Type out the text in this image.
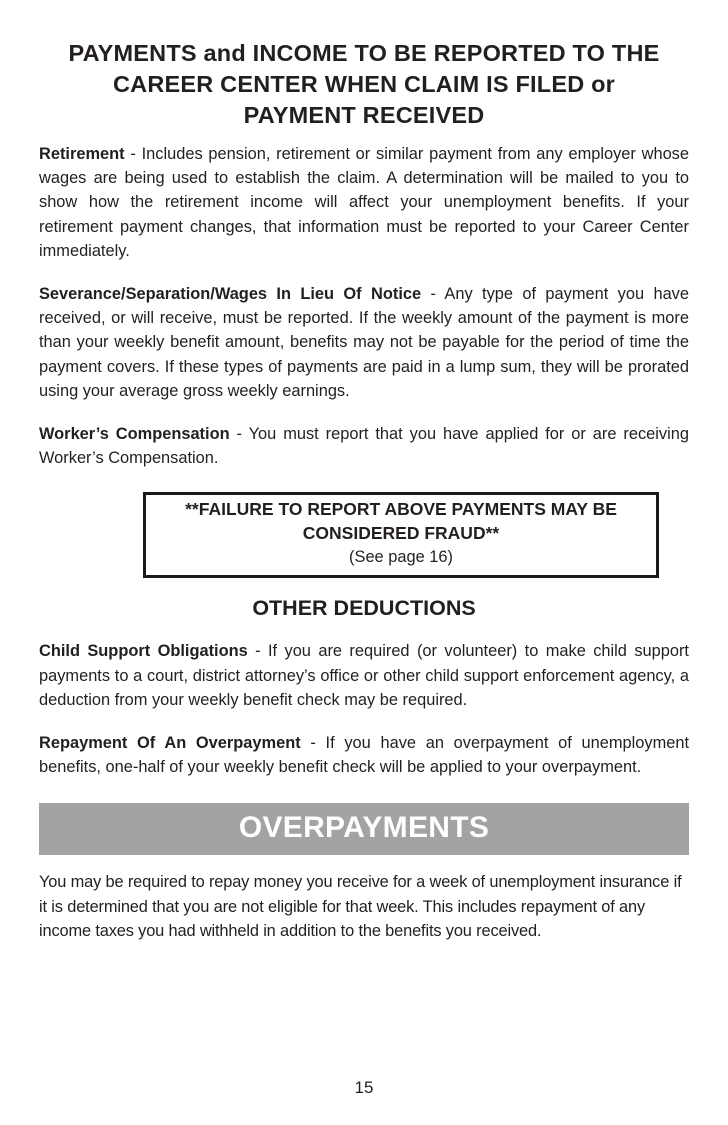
PAYMENTS and INCOME TO BE REPORTED TO THE
CAREER CENTER WHEN CLAIM IS FILED or
PAYMENT RECEIVED

Retirement - Includes pension, retirement or similar payment from any employer whose wages are being used to establish the claim. A determination will be mailed to you to show how the retirement income will affect your unemployment benefits. If your retirement payment changes, that information must be reported to your Career Center immediately.

Severance/Separation/Wages In Lieu Of Notice - Any type of payment you have received, or will receive, must be reported. If the weekly amount of the payment is more than your weekly benefit amount, benefits may not be payable for the period of time the payment covers. If these types of payments are paid in a lump sum, they will be prorated using your average gross weekly earnings.

Worker’s Compensation - You must report that you have applied for or are receiving Worker’s Compensation.

**FAILURE TO REPORT ABOVE PAYMENTS MAY BE
CONSIDERED FRAUD**
(See page 16)
OTHER DEDUCTIONS

Child Support Obligations - If you are required (or volunteer) to make child support payments to a court, district attorney’s office or other child support enforcement agency, a deduction from your weekly benefit check may be required.

Repayment Of An Overpayment - If you have an overpayment of unemployment benefits, one-half of your weekly benefit check will be applied to your overpayment.

OVERPAYMENTS

You may be required to repay money you receive for a week of unemployment insurance if it is determined that you are not eligible for that week. This includes repayment of any income taxes you had withheld in addition to the benefits you received.

15
